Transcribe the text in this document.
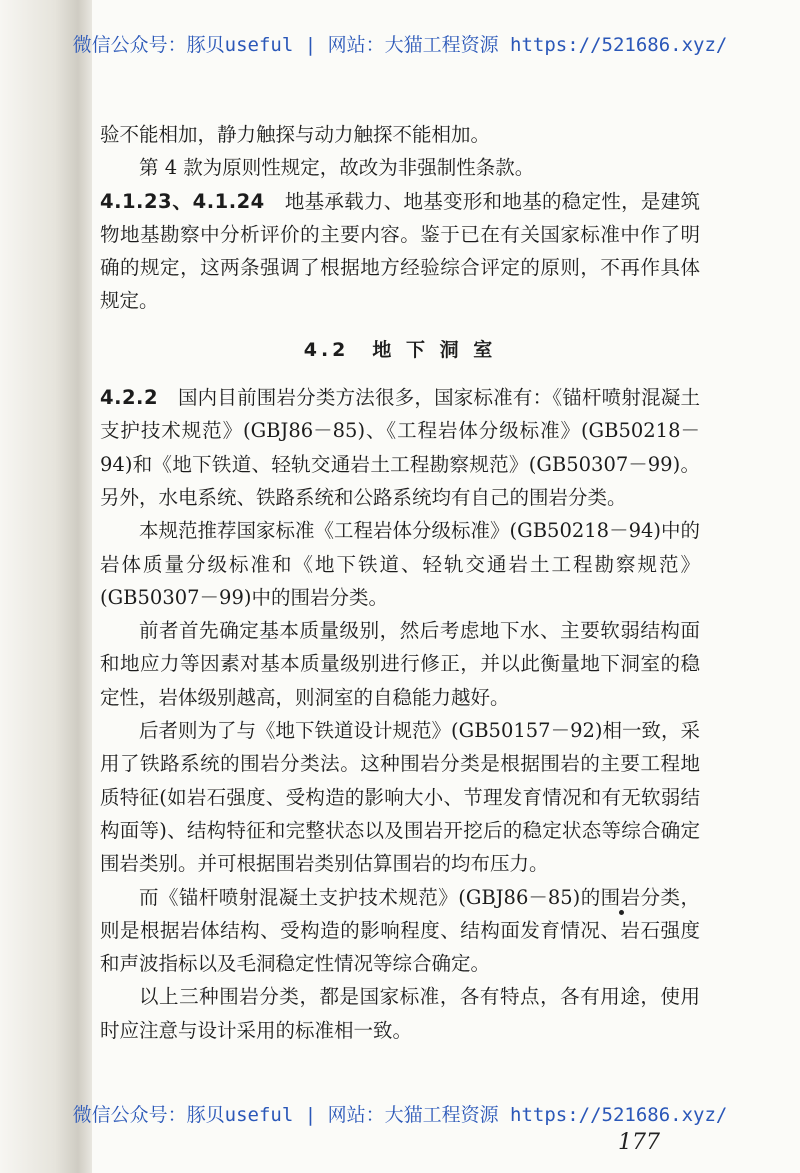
微信公众号：豚贝useful | 网站：大猫工程资源 https://521686.xyz/

验不能相加，静力触探与动力触探不能相加。

第 4 款为原则性规定，故改为非强制性条款。

4.1.23、4.1.24　 地基承载力、地基变形和地基的稳定性，是建筑物地基勘察中分析评价的主要内容。鉴于已在有关国家标准中作了明确的规定，这两条强调了根据地方经验综合评定的原则，不再作具体规定。

4.2　地 下 洞 室

4.2.2　 国内目前围岩分类方法很多，国家标准有：《锚杆喷射混凝土支护技术规范》(GBJ86－85)、《工程岩体分级标准》(GB50218－94)和《地下铁道、轻轨交通岩土工程勘察规范》(GB50307－99)。另外，水电系统、铁路系统和公路系统均有自己的围岩分类。

本规范推荐国家标准《工程岩体分级标准》(GB50218－94)中的岩体质量分级标准和《地下铁道、轻轨交通岩土工程勘察规范》(GB50307－99)中的围岩分类。

前者首先确定基本质量级别，然后考虑地下水、主要软弱结构面和地应力等因素对基本质量级别进行修正，并以此衡量地下洞室的稳定性，岩体级别越高，则洞室的自稳能力越好。

后者则为了与《地下铁道设计规范》(GB50157－92)相一致，采用了铁路系统的围岩分类法。这种围岩分类是根据围岩的主要工程地质特征(如岩石强度、受构造的影响大小、节理发育情况和有无软弱结构面等)、结构特征和完整状态以及围岩开挖后的稳定状态等综合确定围岩类别。并可根据围岩类别估算围岩的均布压力。

而《锚杆喷射混凝土支护技术规范》(GBJ86－85)的围岩分类，则是根据岩体结构、受构造的影响程度、结构面发育情况、岩石强度和声波指标以及毛洞稳定性情况等综合确定。

以上三种围岩分类，都是国家标准，各有特点，各有用途，使用时应注意与设计采用的标准相一致。

微信公众号：豚贝useful | 网站：大猫工程资源 https://521686.xyz/
177
